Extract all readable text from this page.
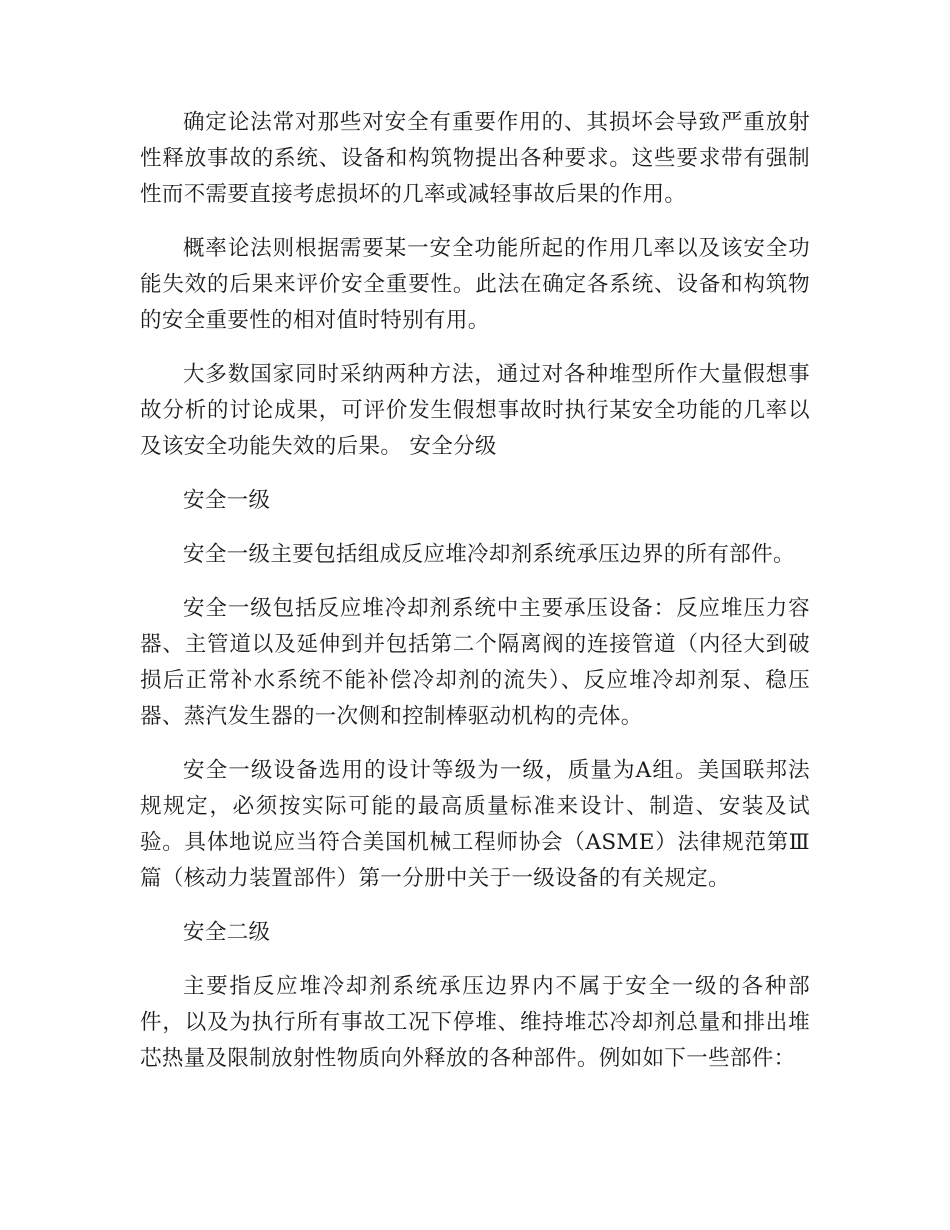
确定论法常对那些对安全有重要作用的、其损坏会导致严重放射性释放事故的系统、设备和构筑物提出各种要求。这些要求带有强制性而不需要直接考虑损坏的几率或减轻事故后果的作用。

概率论法则根据需要某一安全功能所起的作用几率以及该安全功能失效的后果来评价安全重要性。此法在确定各系统、设备和构筑物的安全重要性的相对值时特别有用。

大多数国家同时采纳两种方法，通过对各种堆型所作大量假想事故分析的讨论成果，可评价发生假想事故时执行某安全功能的几率以及该安全功能失效的后果。 安全分级

安全一级

安全一级主要包括组成反应堆冷却剂系统承压边界的所有部件。

安全一级包括反应堆冷却剂系统中主要承压设备：反应堆压力容器、主管道以及延伸到并包括第二个隔离阀的连接管道（内径大到破损后正常补水系统不能补偿冷却剂的流失）、反应堆冷却剂泵、稳压器、蒸汽发生器的一次侧和控制棒驱动机构的壳体。

安全一级设备选用的设计等级为一级，质量为A组。美国联邦法规规定，必须按实际可能的最高质量标准来设计、制造、安装及试验。具体地说应当符合美国机械工程师协会（ASME）法律规范第Ⅲ篇（核动力装置部件）第一分册中关于一级设备的有关规定。

安全二级

主要指反应堆冷却剂系统承压边界内不属于安全一级的各种部件，以及为执行所有事故工况下停堆、维持堆芯冷却剂总量和排出堆芯热量及限制放射性物质向外释放的各种部件。例如如下一些部件：
